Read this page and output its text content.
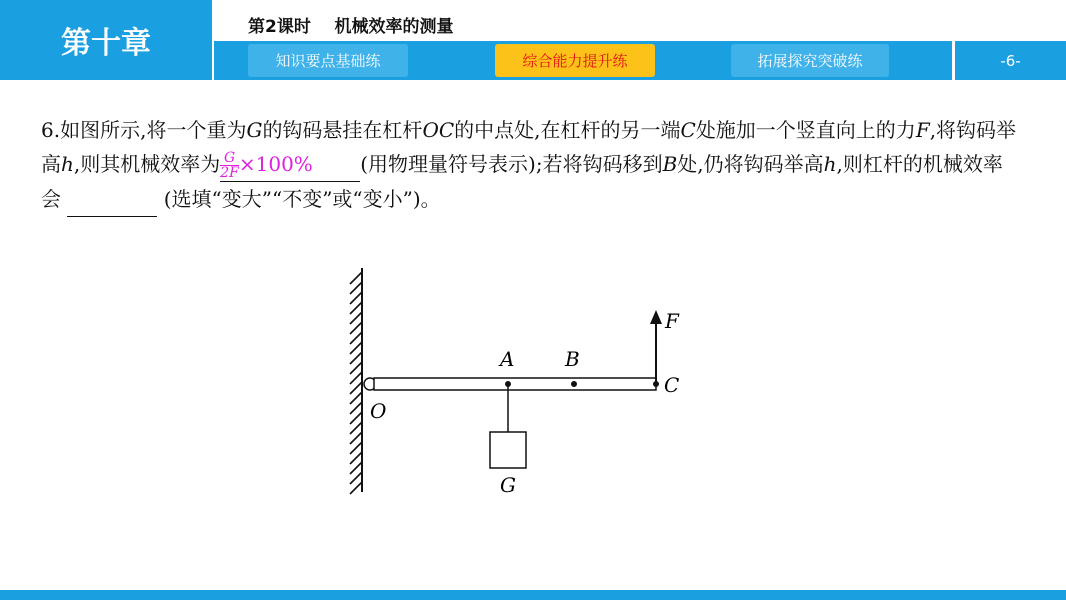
第十章	第2课时    机械效率的测量
知识要点基础练	综合能力提升练	拓展探究突破练	-6-
6.如图所示,将一个重为G的钩码悬挂在杠杆OC的中点处,在杠杆的另一端C处施加一个竖直向上的力F,将钩码举高h,则其机械效率为 $\frac{G}{2F} \times 100\%$ (用物理量符号表示);若将钩码移到B处,仍将钩码举高h,则杠杆的机械效率会	(选填“变大”“不变”或“变小”)。
F
A	B
C
O
G
